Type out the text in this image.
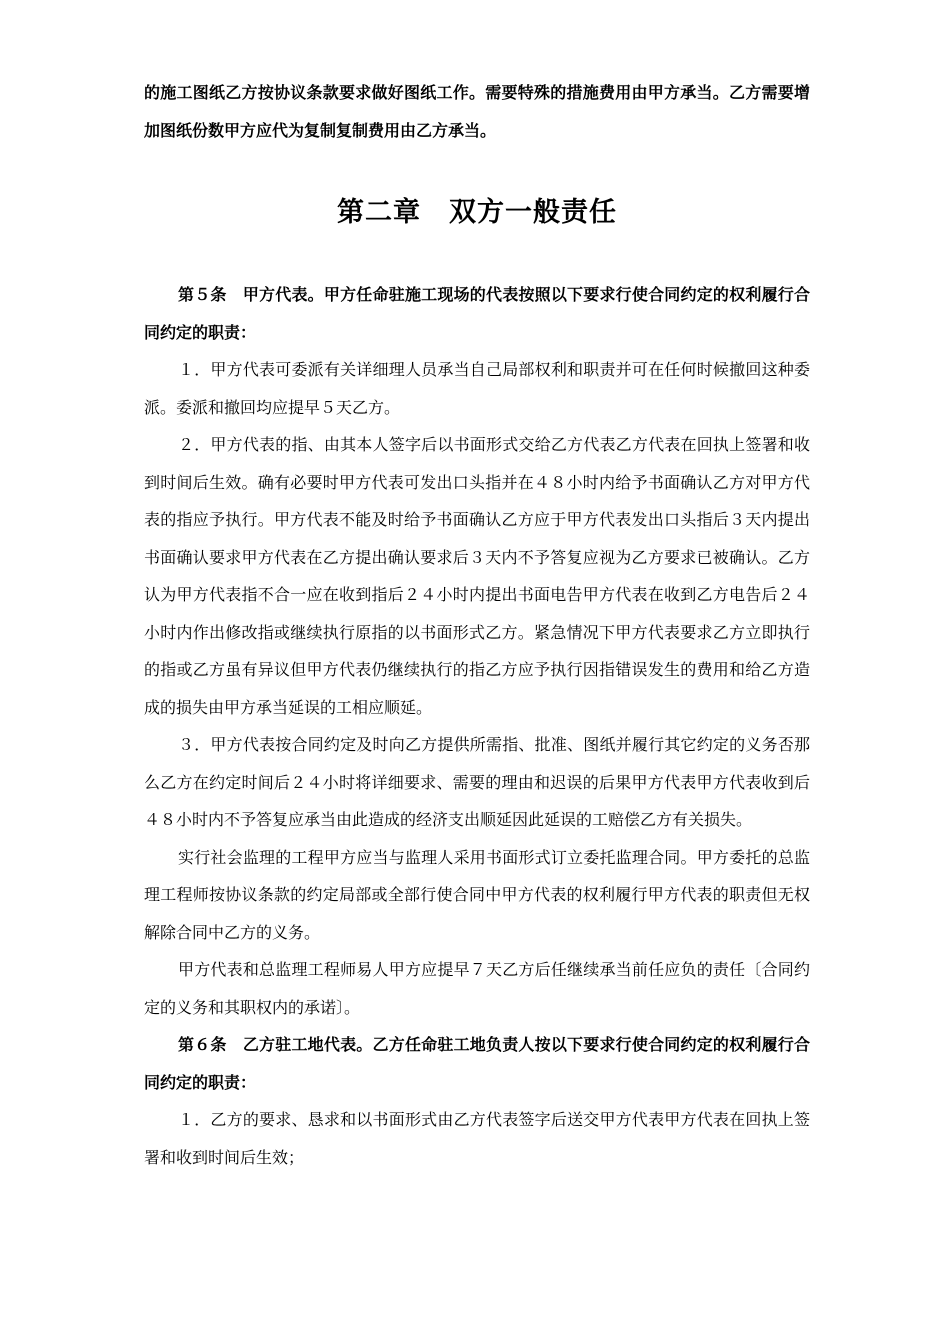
的施工图纸乙方按协议条款要求做好图纸工作。需要特殊的措施费用由甲方承当。乙方需要增加图纸份数甲方应代为复制复制费用由乙方承当。

第二章　双方一般责任

第５条　甲方代表。甲方任命驻施工现场的代表按照以下要求行使合同约定的权利履行合同约定的职责：

１．甲方代表可委派有关详细理人员承当自己局部权利和职责并可在任何时候撤回这种委派。委派和撤回均应提早５天乙方。

２．甲方代表的指、由其本人签字后以书面形式交给乙方代表乙方代表在回执上签署和收到时间后生效。确有必要时甲方代表可发出口头指并在４８小时内给予书面确认乙方对甲方代表的指应予执行。甲方代表不能及时给予书面确认乙方应于甲方代表发出口头指后３天内提出书面确认要求甲方代表在乙方提出确认要求后３天内不予答复应视为乙方要求已被确认。乙方认为甲方代表指不合一应在收到指后２４小时内提出书面电告甲方代表在收到乙方电告后２４小时内作出修改指或继续执行原指的以书面形式乙方。紧急情况下甲方代表要求乙方立即执行的指或乙方虽有异议但甲方代表仍继续执行的指乙方应予执行因指错误发生的费用和给乙方造成的损失由甲方承当延误的工相应顺延。

３．甲方代表按合同约定及时向乙方提供所需指、批准、图纸并履行其它约定的义务否那么乙方在约定时间后２４小时将详细要求、需要的理由和迟误的后果甲方代表甲方代表收到后４８小时内不予答复应承当由此造成的经济支出顺延因此延误的工赔偿乙方有关损失。

实行社会监理的工程甲方应当与监理人采用书面形式订立委托监理合同。甲方委托的总监理工程师按协议条款的约定局部或全部行使合同中甲方代表的权利履行甲方代表的职责但无权解除合同中乙方的义务。

甲方代表和总监理工程师易人甲方应提早７天乙方后任继续承当前任应负的责任〔合同约定的义务和其职权内的承诺〕。

第６条　乙方驻工地代表。乙方任命驻工地负责人按以下要求行使合同约定的权利履行合同约定的职责：

１．乙方的要求、恳求和以书面形式由乙方代表签字后送交甲方代表甲方代表在回执上签署和收到时间后生效；
